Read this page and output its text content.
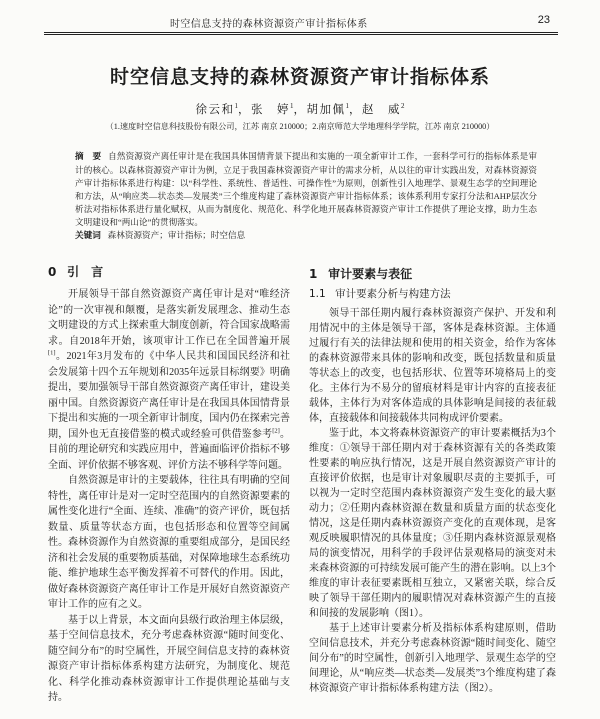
时空信息支持的森林资源资产审计指标体系	23
时空信息支持的森林资源资产审计指标体系
徐云和$^1$，张　婷$^1$，胡加佩$^1$，赵　威$^2$
（1.速度时空信息科技股份有限公司，江苏 南京 210000；2.南京师范大学地理科学学院，江苏 南京 210000）

摘　要 自然资源资产离任审计是在我国具体国情背景下提出和实施的一项全新审计工作，一套科学可行的指标体系是审计的核心。以森林资源资产审计为例，立足于我国森林资源资产审计的需求分析，从以往的审计实践出发，对森林资源资产审计指标体系进行构建：以“科学性、系统性、普适性、可操作性”为原则，创新性引入地理学、景观生态学的空间理论和方法，从“响应类—状态类—发展类”三个维度构建了森林资源资产审计指标体系；该体系利用专家打分法和AHP层次分析法对指标体系进行量化赋权，从而为制度化、规范化、科学化地开展森林资源资产审计工作提供了理论支撑，助力生态文明建设和“两山论”的贯彻落实。

关键词 森林资源资产；审计指标；时空信息

0 引　言

开展领导干部自然资源资产离任审计是对“唯经济论”的一次审视和颠覆，是落实新发展理念、推动生态文明建设的方式上探索重大制度创新，符合国家战略需求。自2018年开始，该项审计工作已在全国普遍开展[1]。2021年3月发布的《中华人民共和国国民经济和社会发展第十四个五年规划和2035年远景目标纲要》明确提出，要加强领导干部自然资源资产离任审计，建设美丽中国。自然资源资产离任审计是在我国具体国情背景下提出和实施的一项全新审计制度，国内仍在探索完善期，国外也无直接借鉴的模式或经验可供借鉴参考[2]。目前的理论研究和实践应用中，普遍面临评价指标不够全面、评价依据不够客观、评价方法不够科学等问题。

自然资源是审计的主要载体，往往具有明确的空间特性，离任审计是对一定时空范围内的自然资源要素的属性变化进行“全面、连续、准确”的资产评价，既包括数量、质量等状态方面，也包括形态和位置等空间属性。森林资源作为自然资源的重要组成部分，是国民经济和社会发展的重要物质基础，对保障地球生态系统功能、维护地球生态平衡发挥着不可替代的作用。因此，做好森林资源资产离任审计工作是开展好自然资源资产审计工作的应有之义。

基于以上背景，本文面向县级行政治理主体层级，基于空间信息技术，充分考虑森林资源“随时间变化、随空间分布”的时空属性，开展空间信息支持的森林资源资产审计指标体系构建方法研究，为制度化、规范化、科学化推动森林资源审计工作提供理论基础与支持。

1 审计要素与表征
1.1 审计要素分析与构建方法

领导干部任期内履行森林资源资产保护、开发和利用情况中的主体是领导干部，客体是森林资源。主体通过履行有关的法律法规和使用的相关资金，给作为客体的森林资源带来具体的影响和改变，既包括数量和质量等状态上的改变，也包括形状、位置等环境格局上的变化。主体行为不易分的留痕材料是审计内容的直接表征载体，主体行为对客体造成的具体影响是间接的表征载体，直接载体和间接载体共同构成评价要素。

鉴于此，本文将森林资源资产的审计要素概括为3个维度：①领导干部任期内对于森林资源有关的各类政策性要素的响应执行情况，这是开展自然资源资产审计的直接评价依据，也是审计对象履职尽责的主要抓手，可以视为一定时空范围内森林资源资产发生变化的最大驱动力；②任期内森林资源在数量和质量方面的状态变化情况，这是任期内森林资源资产变化的直观体现，是客观反映履职情况的具体量度；③任期内森林资源景观格局的演变情况，用科学的手段评估景观格局的演变对未来森林资源的可持续发展可能产生的潜在影响。以上3个维度的审计表征要素既相互独立，又紧密关联，综合反映了领导干部任期内的履职情况对森林资源产生的直接和间接的发展影响（图1）。

基于上述审计要素分析及指标体系构建原则，借助空间信息技术，并充分考虑森林资源“随时间变化、随空间分布”的时空属性，创新引入地理学、景观生态学的空间理论，从“响应类—状态类—发展类”3个维度构建了森林资源资产审计指标体系构建方法（图2）。
